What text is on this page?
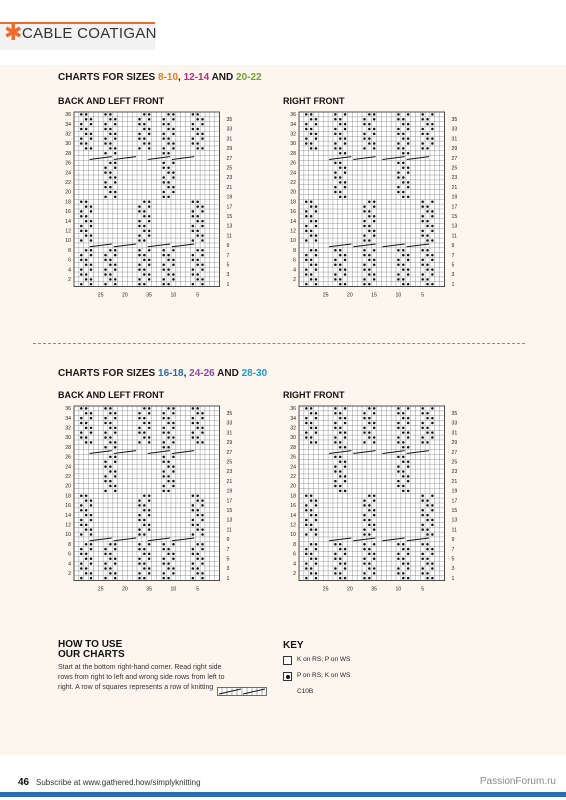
✱ CABLE COATIGAN
CHARTS FOR SIZES 8-10, 12-14 AND 20-22
BACK AND LEFT FRONT	RIGHT FRONT
36
34
32
30
28
26
24
22
20
18
16
14
12
10
8
6
4
2
35
33
31
29
27
25
23
21
19
17
15
13
11
9
7
5
3
1
25	20	35	10	5
36
34
32
30
28
26
24
22
20
18
16
14
12
10
8
6
4
2
35
33
31
29
27
25
23
21
19
17
15
13
11
9
7
5
3
1
25	20	15	10	5
CHARTS FOR SIZES 16-18, 24-26 AND 28-30
BACK AND LEFT FRONT	RIGHT FRONT
36
34
32
30
28
26
24
22
20
18
16
14
12
10
8
6
4
2
35
33
31
29
27
25
23
21
19
17
15
13
11
9
7
5
3
1
25	20	35	10	5
36
34
32
30
28
26
24
22
20
18
16
14
12
10
8
6
4
2
35
33
31
29
27
25
23
21
19
17
15
13
11
9
7
5
3
1
25	20	35	10	5
HOW TO USE
OUR CHARTS
Start at the bottom right-hand corner. Read right side rows from right to left and wrong side rows from left to right. A row of squares represents a row of knitting
KEY
K on RS; P on WS
P on RS; K on WS
C10B
46 Subscribe at www.gathered.how/simplyknitting	PassionForum.ru
